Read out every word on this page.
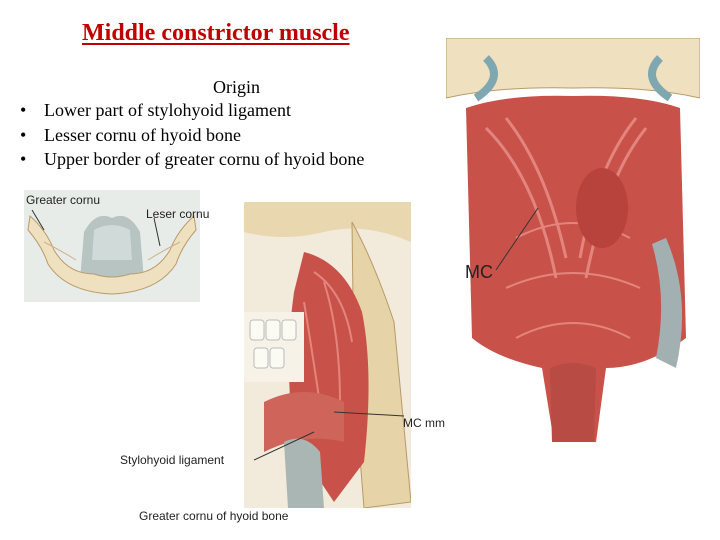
Middle constrictor muscle
Origin
• Lower part of stylohyoid ligament
• Lesser cornu of hyoid bone
• Upper border of greater cornu of hyoid bone
Greater cornu
Leser cornu
MC mm
Stylohyoid ligament
Greater cornu of hyoid bone
MC
